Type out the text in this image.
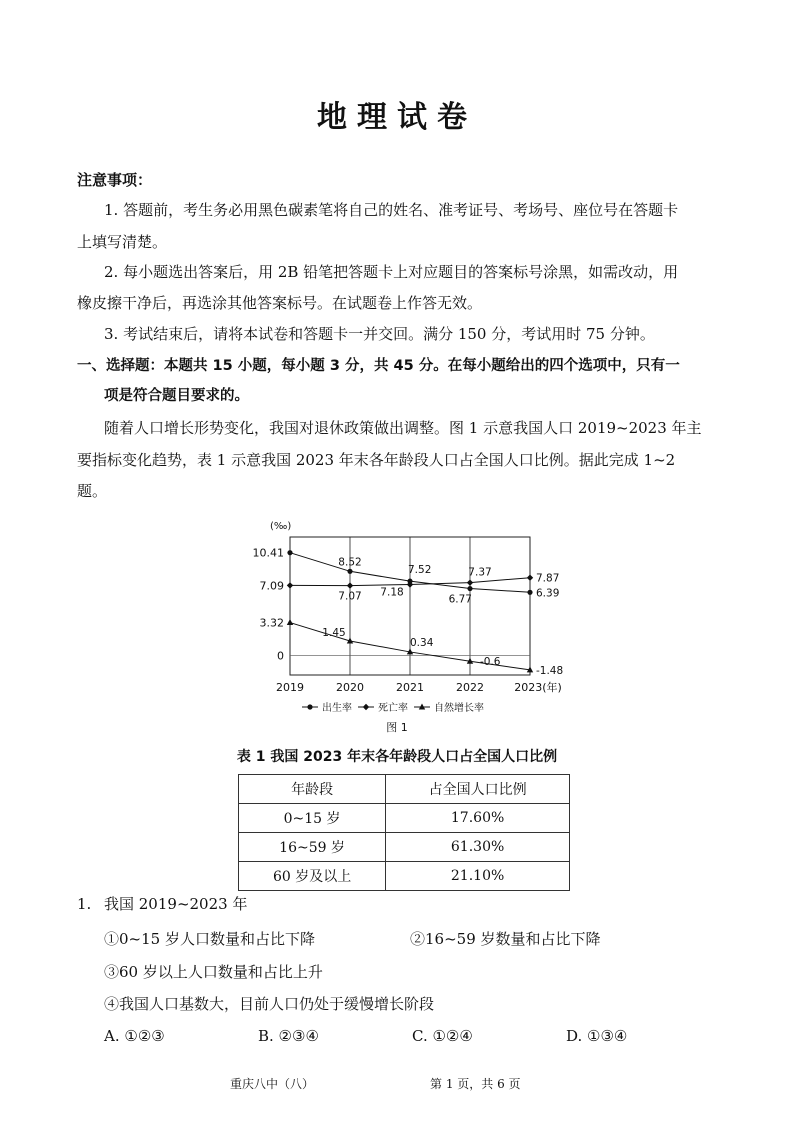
地理试卷
注意事项：
1. 答题前，考生务必用黑色碳素笔将自己的姓名、准考证号、考场号、座位号在答题卡
上填写清楚。
2. 每小题选出答案后，用 2B 铅笔把答题卡上对应题目的答案标号涂黑，如需改动，用
橡皮擦干净后，再选涂其他答案标号。在试题卷上作答无效。
3. 考试结束后，请将本试卷和答题卡一并交回。满分 150 分，考试用时 75 分钟。
一、选择题：本题共 15 小题，每小题 3 分，共 45 分。在每小题给出的四个选项中，只有一
项是符合题目要求的。
随着人口增长形势变化，我国对退休政策做出调整。图 1 示意我国人口 2019~2023 年主
要指标变化趋势，表 1 示意我国 2023 年末各年龄段人口占全国人口比例。据此完成 1~2
题。
(‰)
10.41
7.09
3.32
0
2019	2020	2021	2022	2023(年)
8.52
7.52
6.77
6.39
7.07 7.18
7.37
7.87
1.45
0.34
-0.6
-1.48
出生率	死亡率	自然增长率
图 1
表 1 我国 2023 年末各年龄段人口占全国人口比例
年龄段	占全国人口比例
0~15 岁	17.60%
16~59 岁	61.30%
60 岁及以上	21.10%
1. 我国 2019~2023 年
①0~15 岁人口数量和占比下降	②16~59 岁数量和占比下降
③60 岁以上人口数量和占比上升
④我国人口基数大，目前人口仍处于缓慢增长阶段
A. ①②③	B. ②③④	C. ①②④	D. ①③④
重庆八中（八）	第 1 页，共 6 页
